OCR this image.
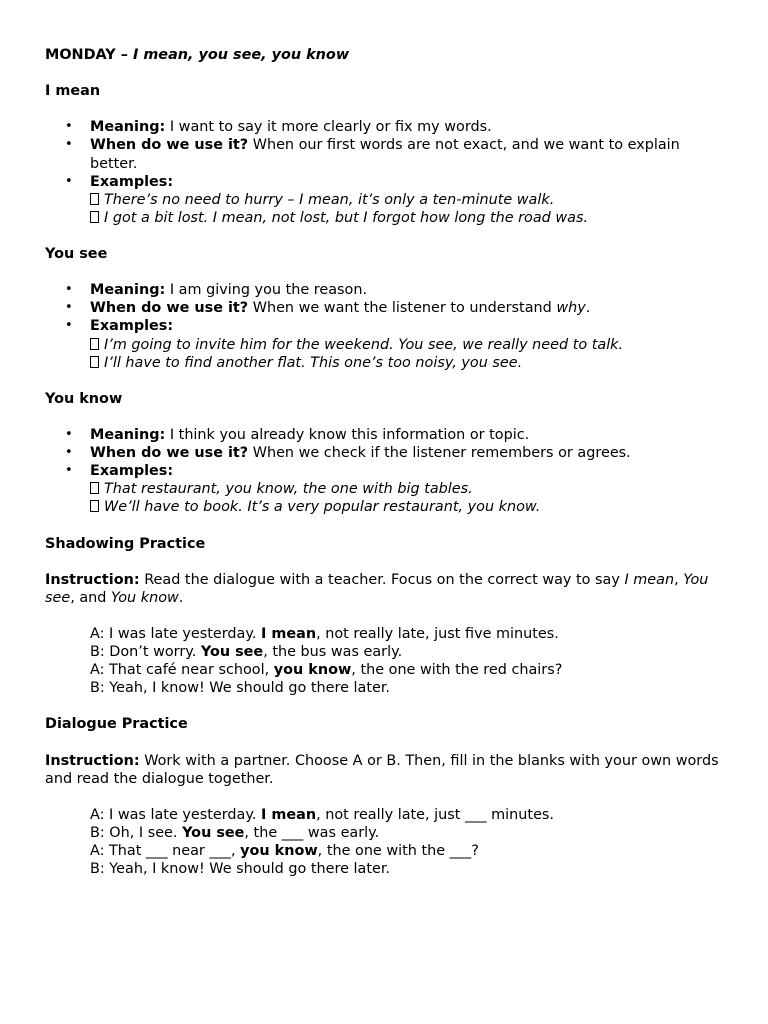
MONDAY – I mean, you see, you know

I mean

• Meaning: I want to say it more clearly or fix my words.
• When do we use it? When our first words are not exact, and we want to explain better.
• Examples:
There’s no need to hurry – I mean, it’s only a ten-minute walk.
I got a bit lost. I mean, not lost, but I forgot how long the road was.

You see

• Meaning: I am giving you the reason.
• When do we use it? When we want the listener to understand why.
• Examples:
I’m going to invite him for the weekend. You see, we really need to talk.
I’ll have to find another flat. This one’s too noisy, you see.

You know

• Meaning: I think you already know this information or topic.
• When do we use it? When we check if the listener remembers or agrees.
• Examples:
That restaurant, you know, the one with big tables.
We’ll have to book. It’s a very popular restaurant, you know.

Shadowing Practice

Instruction: Read the dialogue with a teacher. Focus on the correct way to say I mean, You see, and You know.

A: I was late yesterday. I mean, not really late, just five minutes.
B: Don’t worry. You see, the bus was early.
A: That café near school, you know, the one with the red chairs?
B: Yeah, I know! We should go there later.

Dialogue Practice

Instruction: Work with a partner. Choose A or B. Then, fill in the blanks with your own words and read the dialogue together.

A: I was late yesterday. I mean, not really late, just ___ minutes.
B: Oh, I see. You see, the ___ was early.
A: That ___ near ___, you know, the one with the ___?
B: Yeah, I know! We should go there later.
